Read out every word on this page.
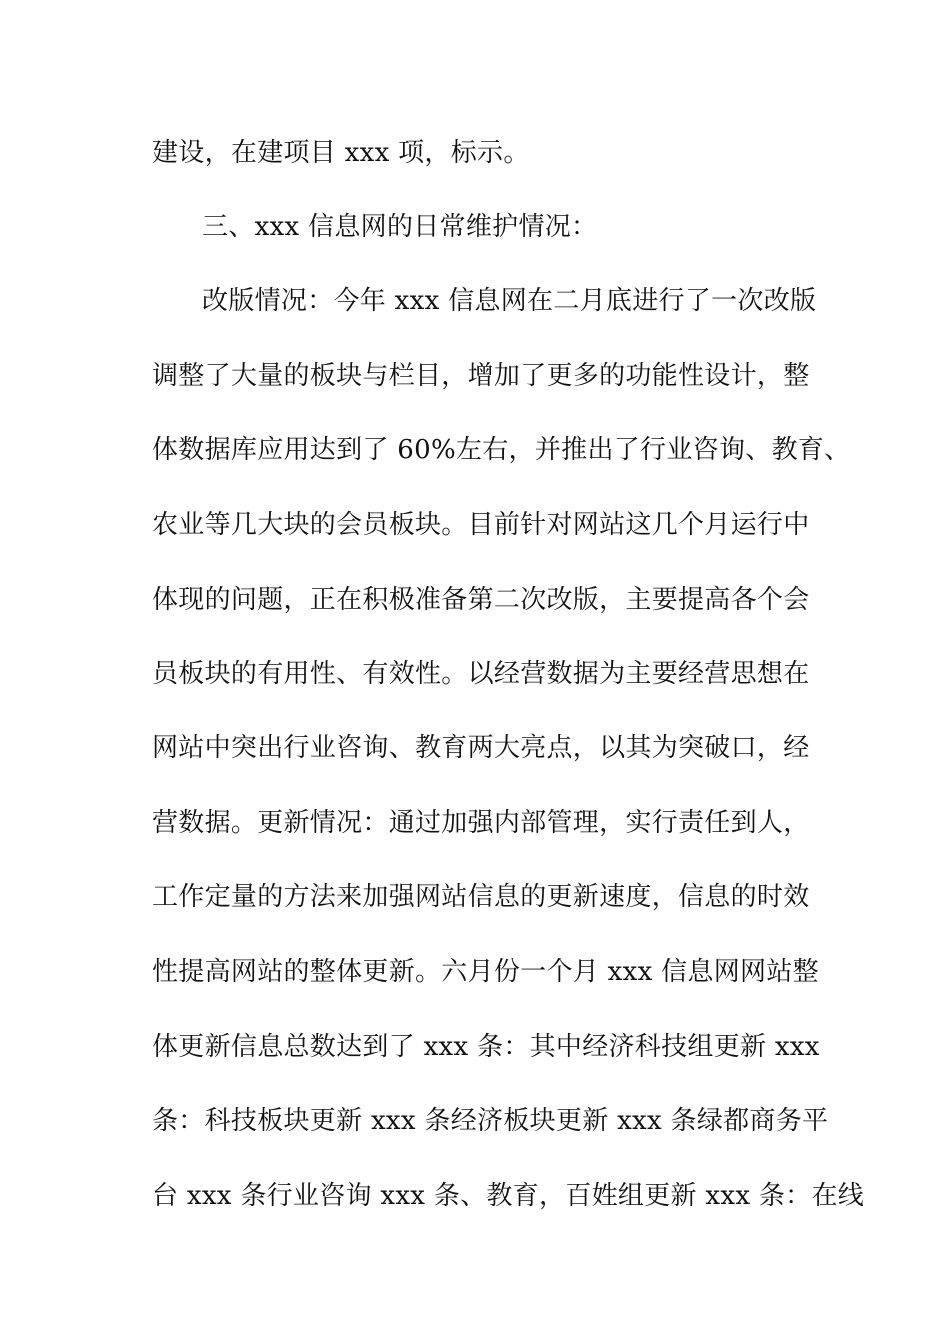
建设，在建项目 xxx 项，标示。
三、xxx 信息网的日常维护情况：
改版情况：今年 xxx 信息网在二月底进行了一次改版
调整了大量的板块与栏目，增加了更多的功能性设计，整
体数据库应用达到了 60%左右，并推出了行业咨询、教育、
农业等几大块的会员板块。目前针对网站这几个月运行中
体现的问题，正在积极准备第二次改版，主要提高各个会
员板块的有用性、有效性。以经营数据为主要经营思想在
网站中突出行业咨询、教育两大亮点，以其为突破口，经
营数据。更新情况：通过加强内部管理，实行责任到人，
工作定量的方法来加强网站信息的更新速度，信息的时效
性提高网站的整体更新。六月份一个月 xxx 信息网网站整
体更新信息总数达到了 xxx 条：其中经济科技组更新 xxx
条：科技板块更新 xxx 条经济板块更新 xxx 条绿都商务平
台 xxx 条行业咨询 xxx 条、教育，百姓组更新 xxx 条：在线
